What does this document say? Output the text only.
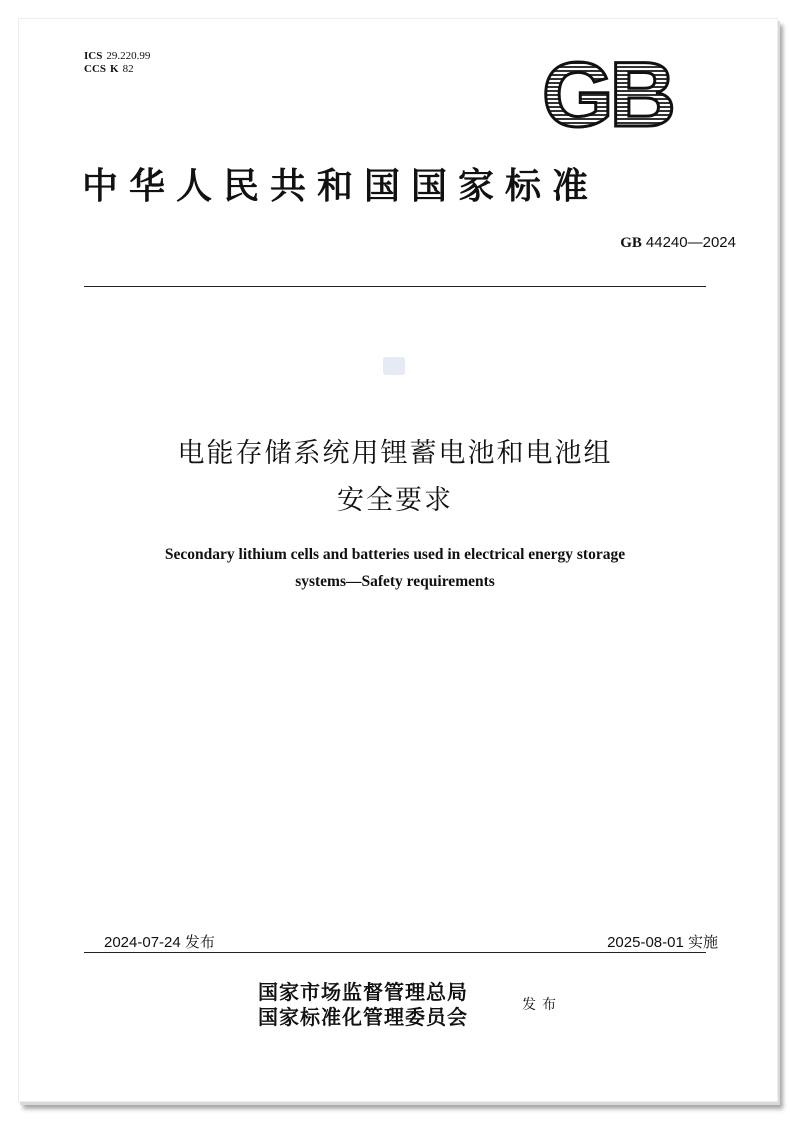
ICS 29.220.99
CCS K 82	GB
中华人民共和国国家标准
GB 44240—2024
电能存储系统用锂蓄电池和电池组
安全要求
Secondary lithium cells and batteries used in electrical energy storage
systems—Safety requirements
2024-07-24 发布	2025-08-01 实施
国家市场监督管理总局
国家标准化管理委员会	发布
